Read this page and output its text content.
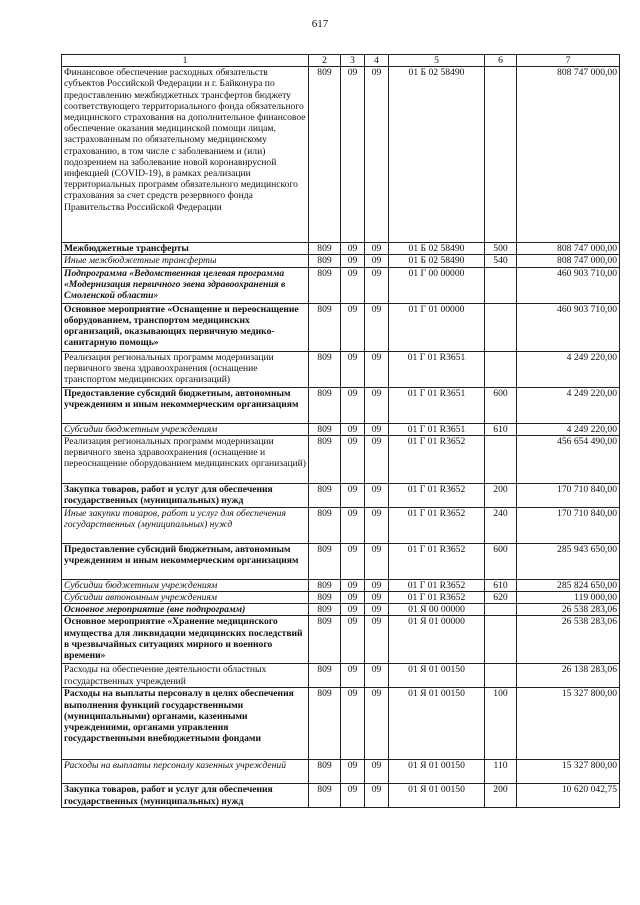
617
1	2	3	4	5	6	7
Финансовое обеспечение расходных обязательств субъектов Российской Федерации и г. Байконура по предоставлению межбюджетных трансфертов бюджету соответствующего территориального фонда обязательного медицинского страхования на дополнительное финансовое обеспечение оказания медицинской помощи лицам, застрахованным по обязательному медицинскому страхованию, в том числе с заболеванием и (или) подозрением на заболевание новой коронавирусной инфекцией (COVID-19), в рамках реализации территориальных программ обязательного медицинского страхования за счет средств резервного фонда Правительства Российской Федерации	809	09	09	01 Б 02 58490		808 747 000,00
Межбюджетные трансферты	809	09	09	01 Б 02 58490	500	808 747 000,00
Иные межбюджетные трансферты	809	09	09	01 Б 02 58490	540	808 747 000,00
Подпрограмма «Ведомственная целевая программа «Модернизация первичного звена здравоохранения в Смоленской области»	809	09	09	01 Г 00 00000		460 903 710,00
Основное мероприятие «Оснащение и переоснащение оборудованием, транспортом медицинских организаций, оказывающих первичную медико-санитарную помощь»	809	09	09	01 Г 01 00000		460 903 710,00
Реализация региональных программ модернизации первичного звена здравоохранения (оснащение транспортом медицинских организаций)	809	09	09	01 Г 01 R3651		4 249 220,00
Предоставление субсидий бюджетным, автономным учреждениям и иным некоммерческим организациям	809	09	09	01 Г 01 R3651	600	4 249 220,00
Субсидии бюджетным учреждениям	809	09	09	01 Г 01 R3651	610	4 249 220,00
Реализация региональных программ модернизации первичного звена здравоохранения (оснащение и переоснащение оборудованием медицинских организаций)	809	09	09	01 Г 01 R3652		456 654 490,00
Закупка товаров, работ и услуг для обеспечения государственных (муниципальных) нужд	809	09	09	01 Г 01 R3652	200	170 710 840,00
Иные закупки товаров, работ и услуг для обеспечения государственных (муниципальных) нужд	809	09	09	01 Г 01 R3652	240	170 710 840,00
Предоставление субсидий бюджетным, автономным учреждениям и иным некоммерческим организациям	809	09	09	01 Г 01 R3652	600	285 943 650,00
Субсидии бюджетным учреждениям	809	09	09	01 Г 01 R3652	610	285 824 650,00
Субсидии автономным учреждениям	809	09	09	01 Г 01 R3652	620	119 000,00
Основное мероприятие (вне подпрограмм)	809	09	09	01 Я 00 00000		26 538 283,06
Основное мероприятие «Хранение медицинского имущества для ликвидации медицинских последствий в чрезвычайных ситуациях мирного и военного времени»	809	09	09	01 Я 01 00000		26 538 283,06
Расходы на обеспечение деятельности областных государственных учреждений	809	09	09	01 Я 01 00150		26 138 283,06
Расходы на выплаты персоналу в целях обеспечения выполнения функций государственными (муниципальными) органами, казенными учреждениями, органами управления государственными внебюджетными фондами	809	09	09	01 Я 01 00150	100	15 327 800,00
Расходы на выплаты персоналу казенных учреждений	809	09	09	01 Я 01 00150	110	15 327 800,00
Закупка товаров, работ и услуг для обеспечения государственных (муниципальных) нужд	809	09	09	01 Я 01 00150	200	10 620 042,75
